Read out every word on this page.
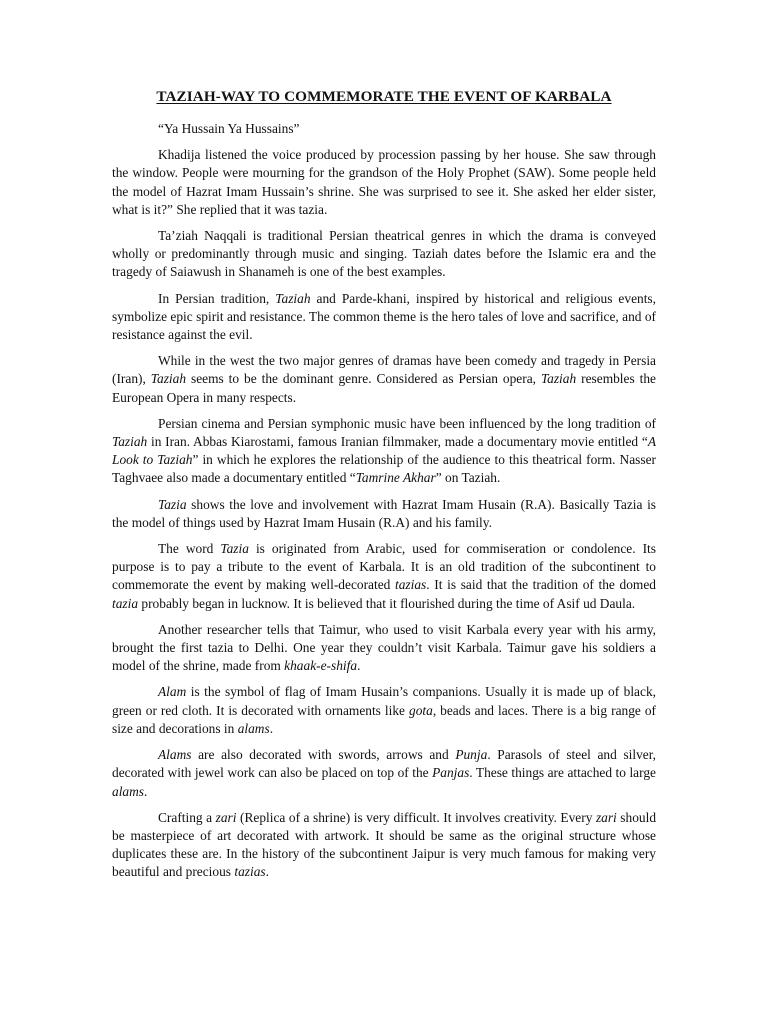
TAZIAH-WAY TO COMMEMORATE THE EVENT OF KARBALA

“Ya Hussain Ya Hussains”

Khadija listened the voice produced by procession passing by her house. She saw through the window. People were mourning for the grandson of the Holy Prophet (SAW). Some people held the model of Hazrat Imam Hussain’s shrine. She was surprised to see it. She asked her elder sister, what is it?” She replied that it was tazia.

Ta’ziah Naqqali is traditional Persian theatrical genres in which the drama is conveyed wholly or predominantly through music and singing. Taziah dates before the Islamic era and the tragedy of Saiawush in Shanameh is one of the best examples.

In Persian tradition, Taziah and Parde-khani, inspired by historical and religious events, symbolize epic spirit and resistance. The common theme is the hero tales of love and sacrifice, and of resistance against the evil.

While in the west the two major genres of dramas have been comedy and tragedy in Persia (Iran), Taziah seems to be the dominant genre. Considered as Persian opera, Taziah resembles the European Opera in many respects.

Persian cinema and Persian symphonic music have been influenced by the long tradition of Taziah in Iran. Abbas Kiarostami, famous Iranian filmmaker, made a documentary movie entitled “A Look to Taziah” in which he explores the relationship of the audience to this theatrical form. Nasser Taghvaee also made a documentary entitled “Tamrine Akhar” on Taziah.

Tazia shows the love and involvement with Hazrat Imam Husain (R.A). Basically Tazia is the model of things used by Hazrat Imam Husain (R.A) and his family.

The word Tazia is originated from Arabic, used for commiseration or condolence. Its purpose is to pay a tribute to the event of Karbala. It is an old tradition of the subcontinent to commemorate the event by making well-decorated tazias. It is said that the tradition of the domed tazia probably began in lucknow. It is believed that it flourished during the time of Asif ud Daula.

Another researcher tells that Taimur, who used to visit Karbala every year with his army, brought the first tazia to Delhi. One year they couldn’t visit Karbala. Taimur gave his soldiers a model of the shrine, made from khaak-e-shifa.

Alam is the symbol of flag of Imam Husain’s companions. Usually it is made up of black, green or red cloth. It is decorated with ornaments like gota, beads and laces. There is a big range of size and decorations in alams.

Alams are also decorated with swords, arrows and Punja. Parasols of steel and silver, decorated with jewel work can also be placed on top of the Panjas. These things are attached to large alams.

Crafting a zari (Replica of a shrine) is very difficult. It involves creativity. Every zari should be masterpiece of art decorated with artwork. It should be same as the original structure whose duplicates these are. In the history of the subcontinent Jaipur is very much famous for making very beautiful and precious tazias.
